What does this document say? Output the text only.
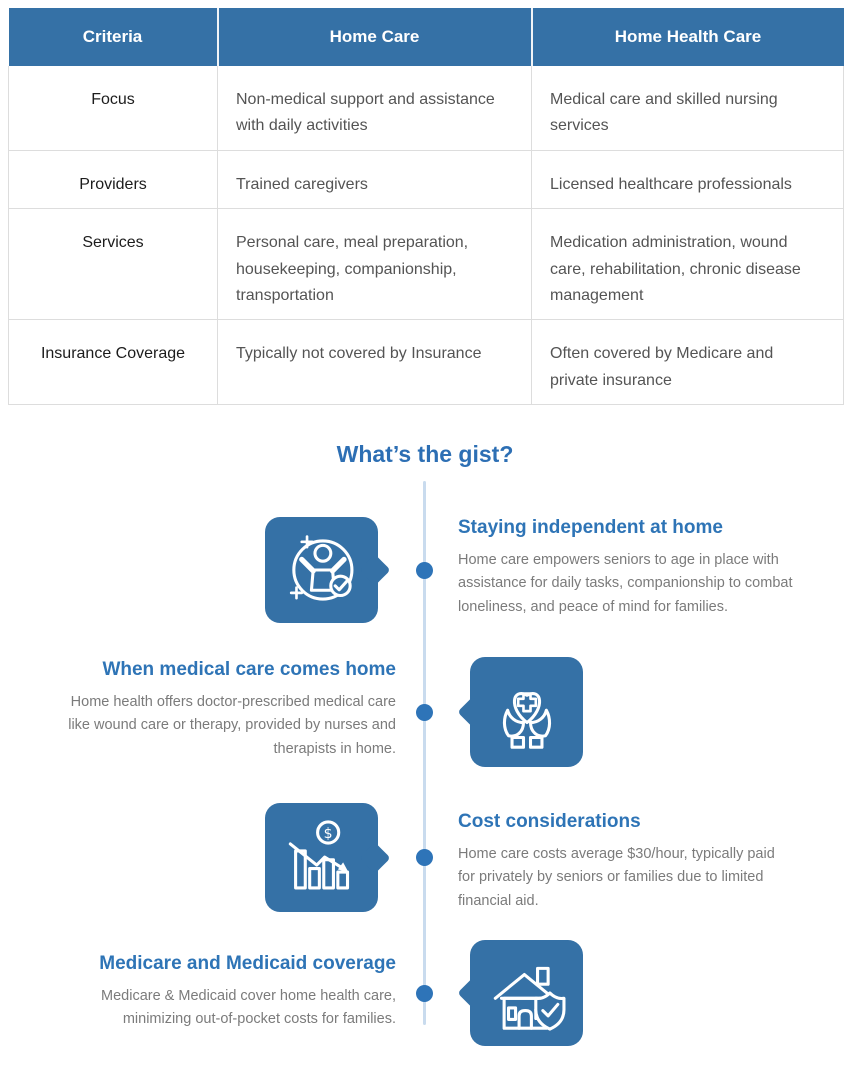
Criteria	Home Care	Home Health Care
Focus	Non-medical support and assistance with daily activities	Medical care and skilled nursing services
Providers	Trained caregivers	Licensed healthcare professionals
Services	Personal care, meal preparation, housekeeping, companionship, transportation	Medication administration, wound care, rehabilitation, chronic disease management
Insurance Coverage	Typically not covered by Insurance	Often covered by Medicare and private insurance
What’s the gist?
Staying independent at home

Home care empowers seniors to age in place with assistance for daily tasks, companionship to combat loneliness, and peace of mind for families.

When medical care comes home

Home health offers doctor-prescribed medical care like wound care or therapy, provided by nurses and therapists in home.

$
Cost considerations

Home care costs average $30/hour, typically paid for privately by seniors or families due to limited financial aid.

Medicare and Medicaid coverage

Medicare & Medicaid cover home health care, minimizing out-of-pocket costs for families.
